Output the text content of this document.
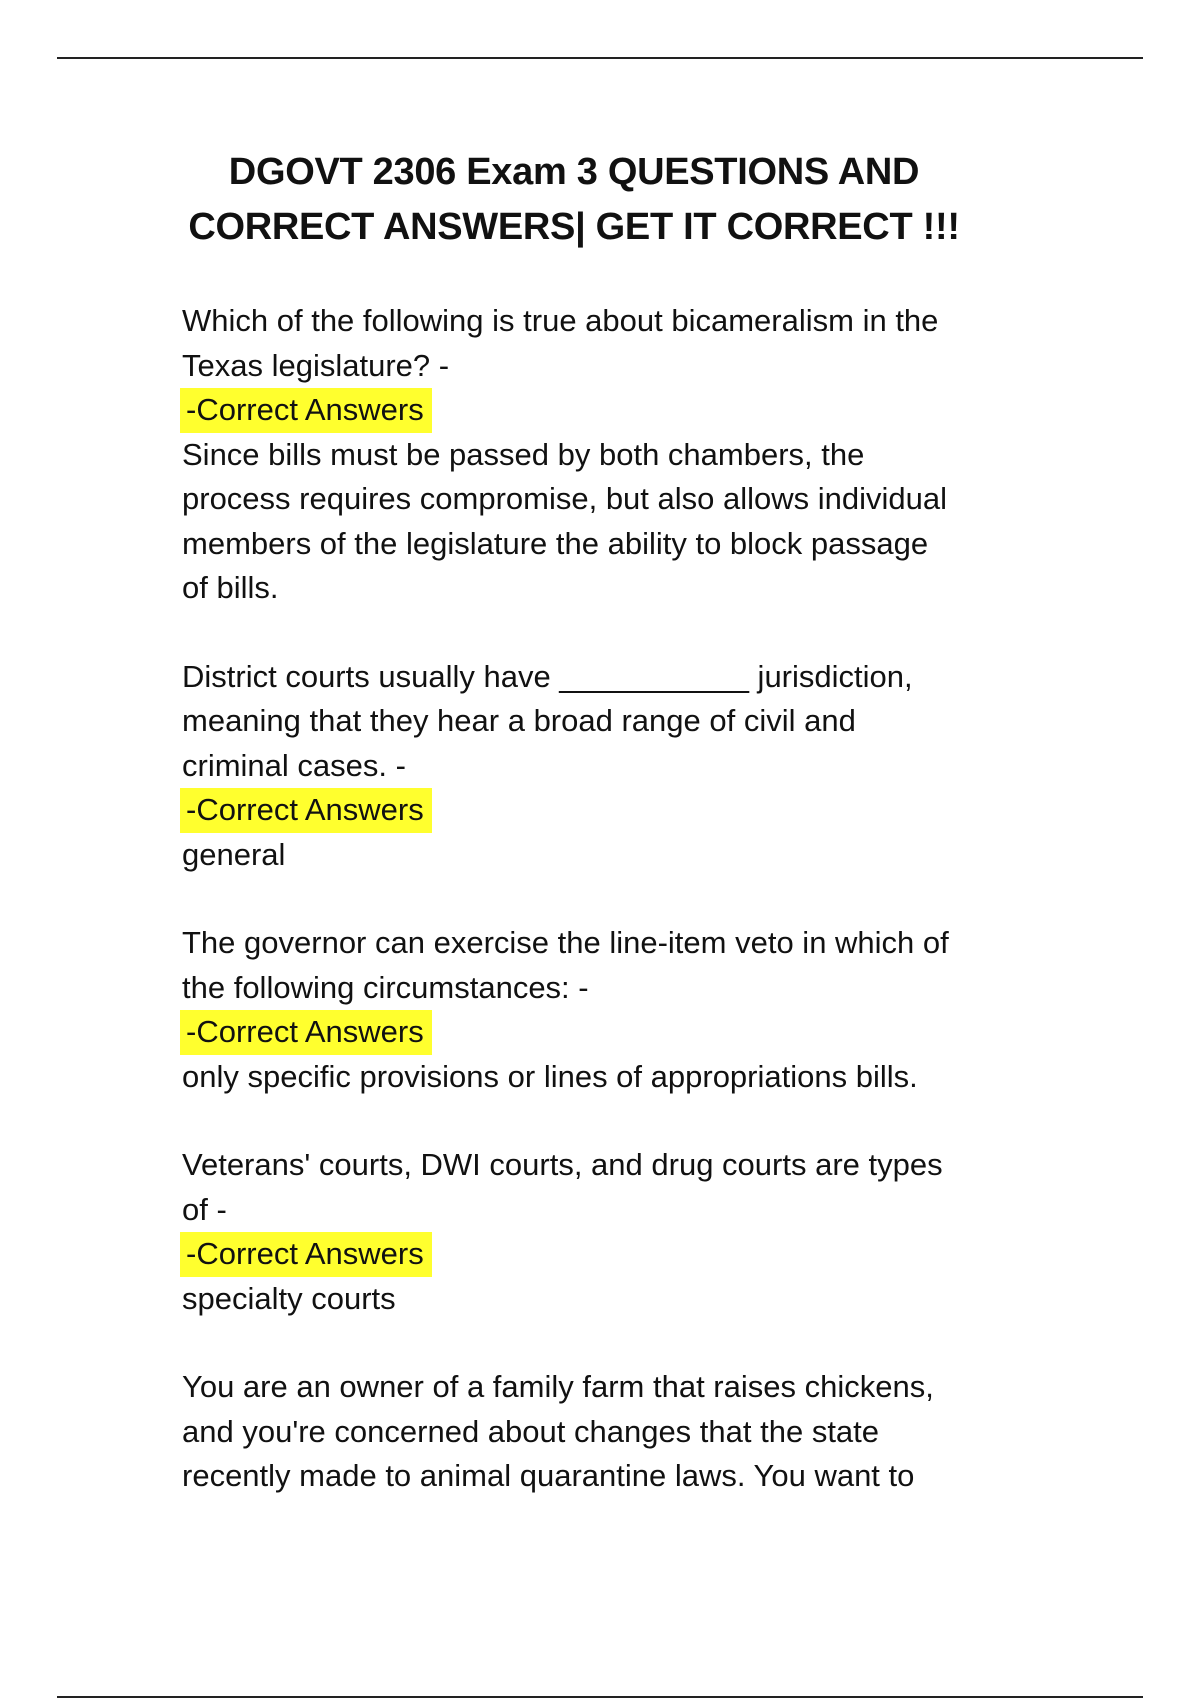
DGOVT 2306 Exam 3 QUESTIONS AND
CORRECT ANSWERS| GET IT CORRECT !!!
Which of the following is true about bicameralism in the
Texas legislature? -
-Correct Answers
Since bills must be passed by both chambers, the
process requires compromise, but also allows individual
members of the legislature the ability to block passage
of bills.
District courts usually have ___________ jurisdiction,
meaning that they hear a broad range of civil and
criminal cases. -
-Correct Answers
general
The governor can exercise the line-item veto in which of
the following circumstances: -
-Correct Answers
only specific provisions or lines of appropriations bills.
Veterans' courts, DWI courts, and drug courts are types
of -
-Correct Answers
specialty courts
You are an owner of a family farm that raises chickens,
and you're concerned about changes that the state
recently made to animal quarantine laws. You want to
